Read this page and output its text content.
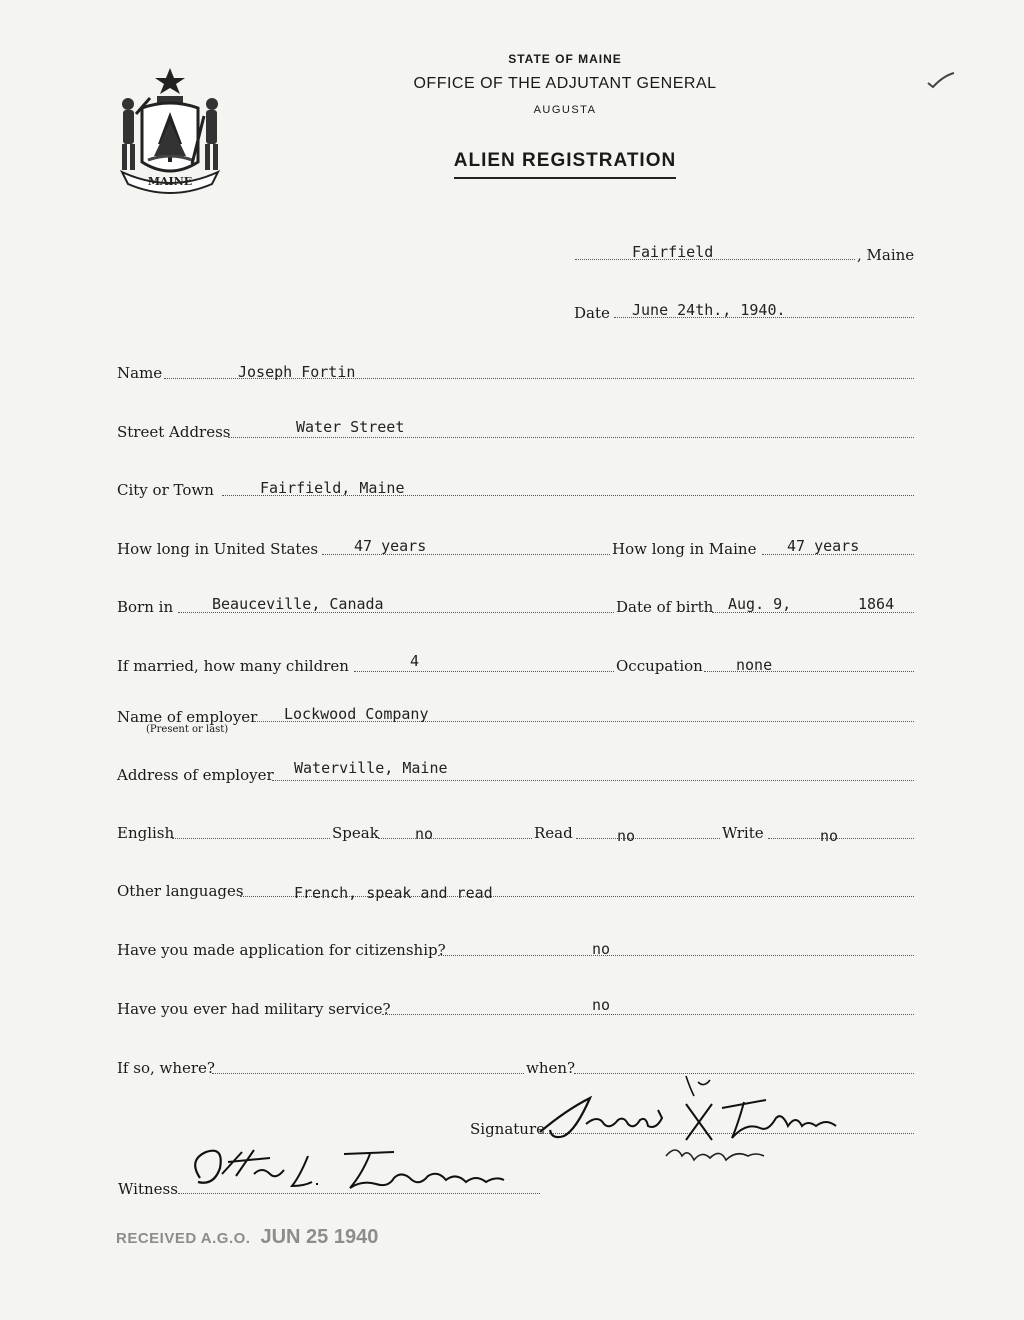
MAINE
STATE OF MAINE
OFFICE OF THE ADJUTANT GENERAL
AUGUSTA
ALIEN REGISTRATION
Fairfield	, Maine
Date June 24th., 1940.
Name	Joseph Fortin
Street Address	Water Street
City or Town	Fairfield, Maine
How long in United States 47 years	How long in Maine 47 years
Born in	Beauceville, Canada	Date of birth Aug. 9,	1864
If married, how many children	4	Occupation none
Name of employer
(Present or last)
Lockwood Company
Address of employer Waterville, Maine
English	Speak no	Read	no	Write	no
Other languages	French, speak and read
Have you made application for citizenship?	no
Have you ever had military service?	no
If so, where?	when?
Signature
Witness
RECEIVED A.G.O. JUN 25 1940
